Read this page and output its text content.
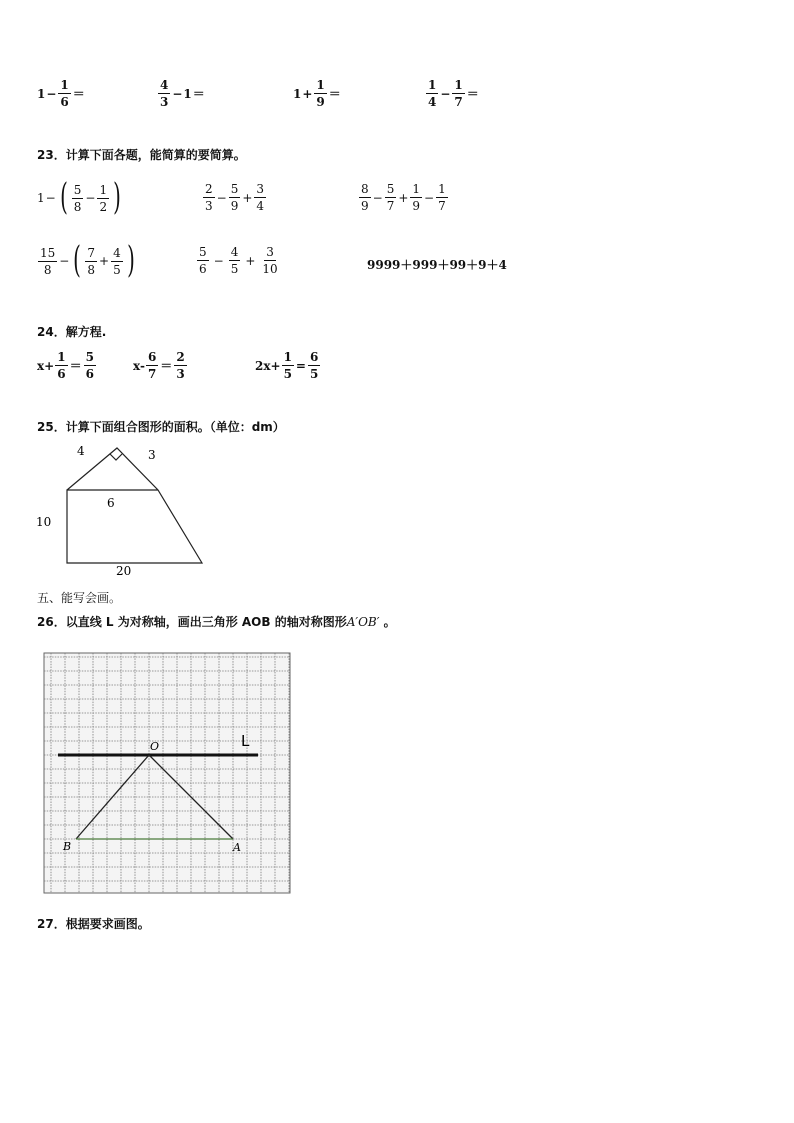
$1 - \frac{1}{6}$ ＝	$\frac{4}{3} - 1$ ＝	$1 + \frac{1}{9}$ ＝	$\frac{1}{4} - \frac{1}{7}$ ＝
23．计算下面各题，能简算的要简算。
1 − ( $\frac{5}{8} - \frac{1}{2}$ )	$\frac{2}{3} - \frac{5}{9} + \frac{3}{4}$	$\frac{8}{9} - \frac{5}{7} + \frac{1}{9} - \frac{1}{7}$
$\frac{15}{8}$ − ( $\frac{7}{8} + \frac{4}{5}$ )	$\frac{5}{6} - \frac{4}{5} + \frac{3}{10}$	9999＋999＋99＋9＋4
24．解方程.
$x+ \frac{1}{6} = \frac{5}{6}$	$x- \frac{6}{7} = \frac{2}{3}$	$2x+ \frac{1}{5} = \frac{6}{5}$
25．计算下面组合图形的面积。（单位：dm）
4	3
6
10
20
五、能写会画。
26．以直线 L 为对称轴，画出三角形 AOB 的轴对称图形A′OB′ 。
L
O
B	A
27．根据要求画图。
